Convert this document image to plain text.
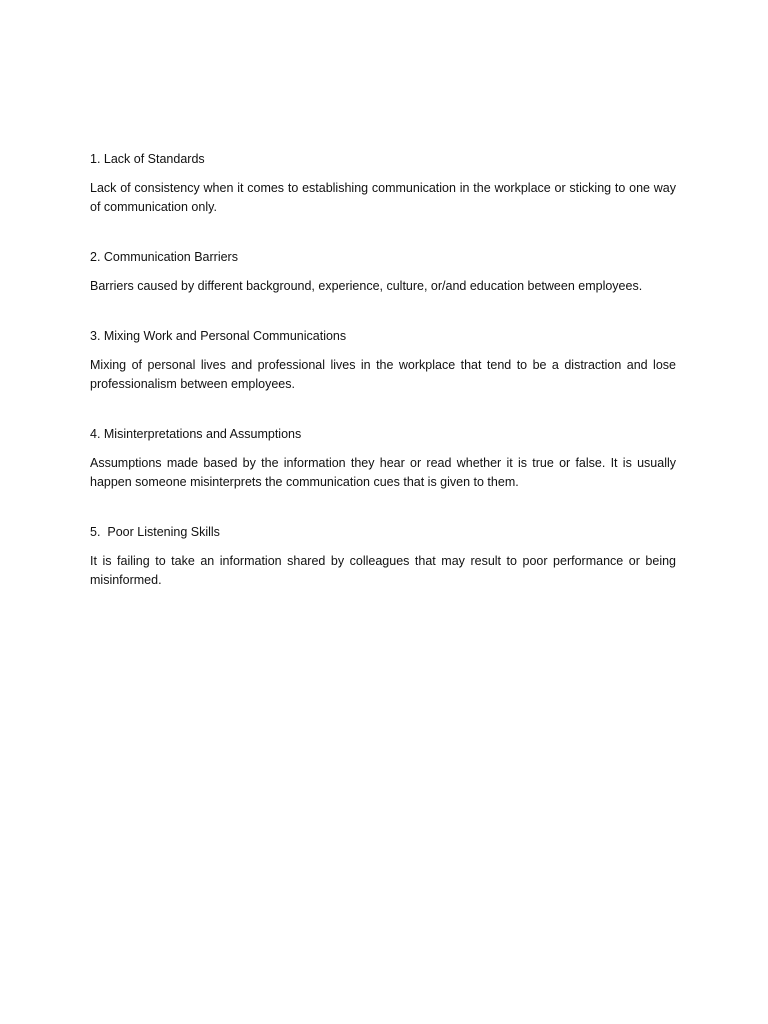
1. Lack of Standards

Lack of consistency when it comes to establishing communication in the workplace or sticking to one way of communication only.

2. Communication Barriers

Barriers caused by different background, experience, culture, or/and education between employees.

3. Mixing Work and Personal Communications

Mixing of personal lives and professional lives in the workplace that tend to be a distraction and lose professionalism between employees.

4. Misinterpretations and Assumptions

Assumptions made based by the information they hear or read whether it is true or false. It is usually happen someone misinterprets the communication cues that is given to them.

5.  Poor Listening Skills

It is failing to take an information shared by colleagues that may result to poor performance or being misinformed.
